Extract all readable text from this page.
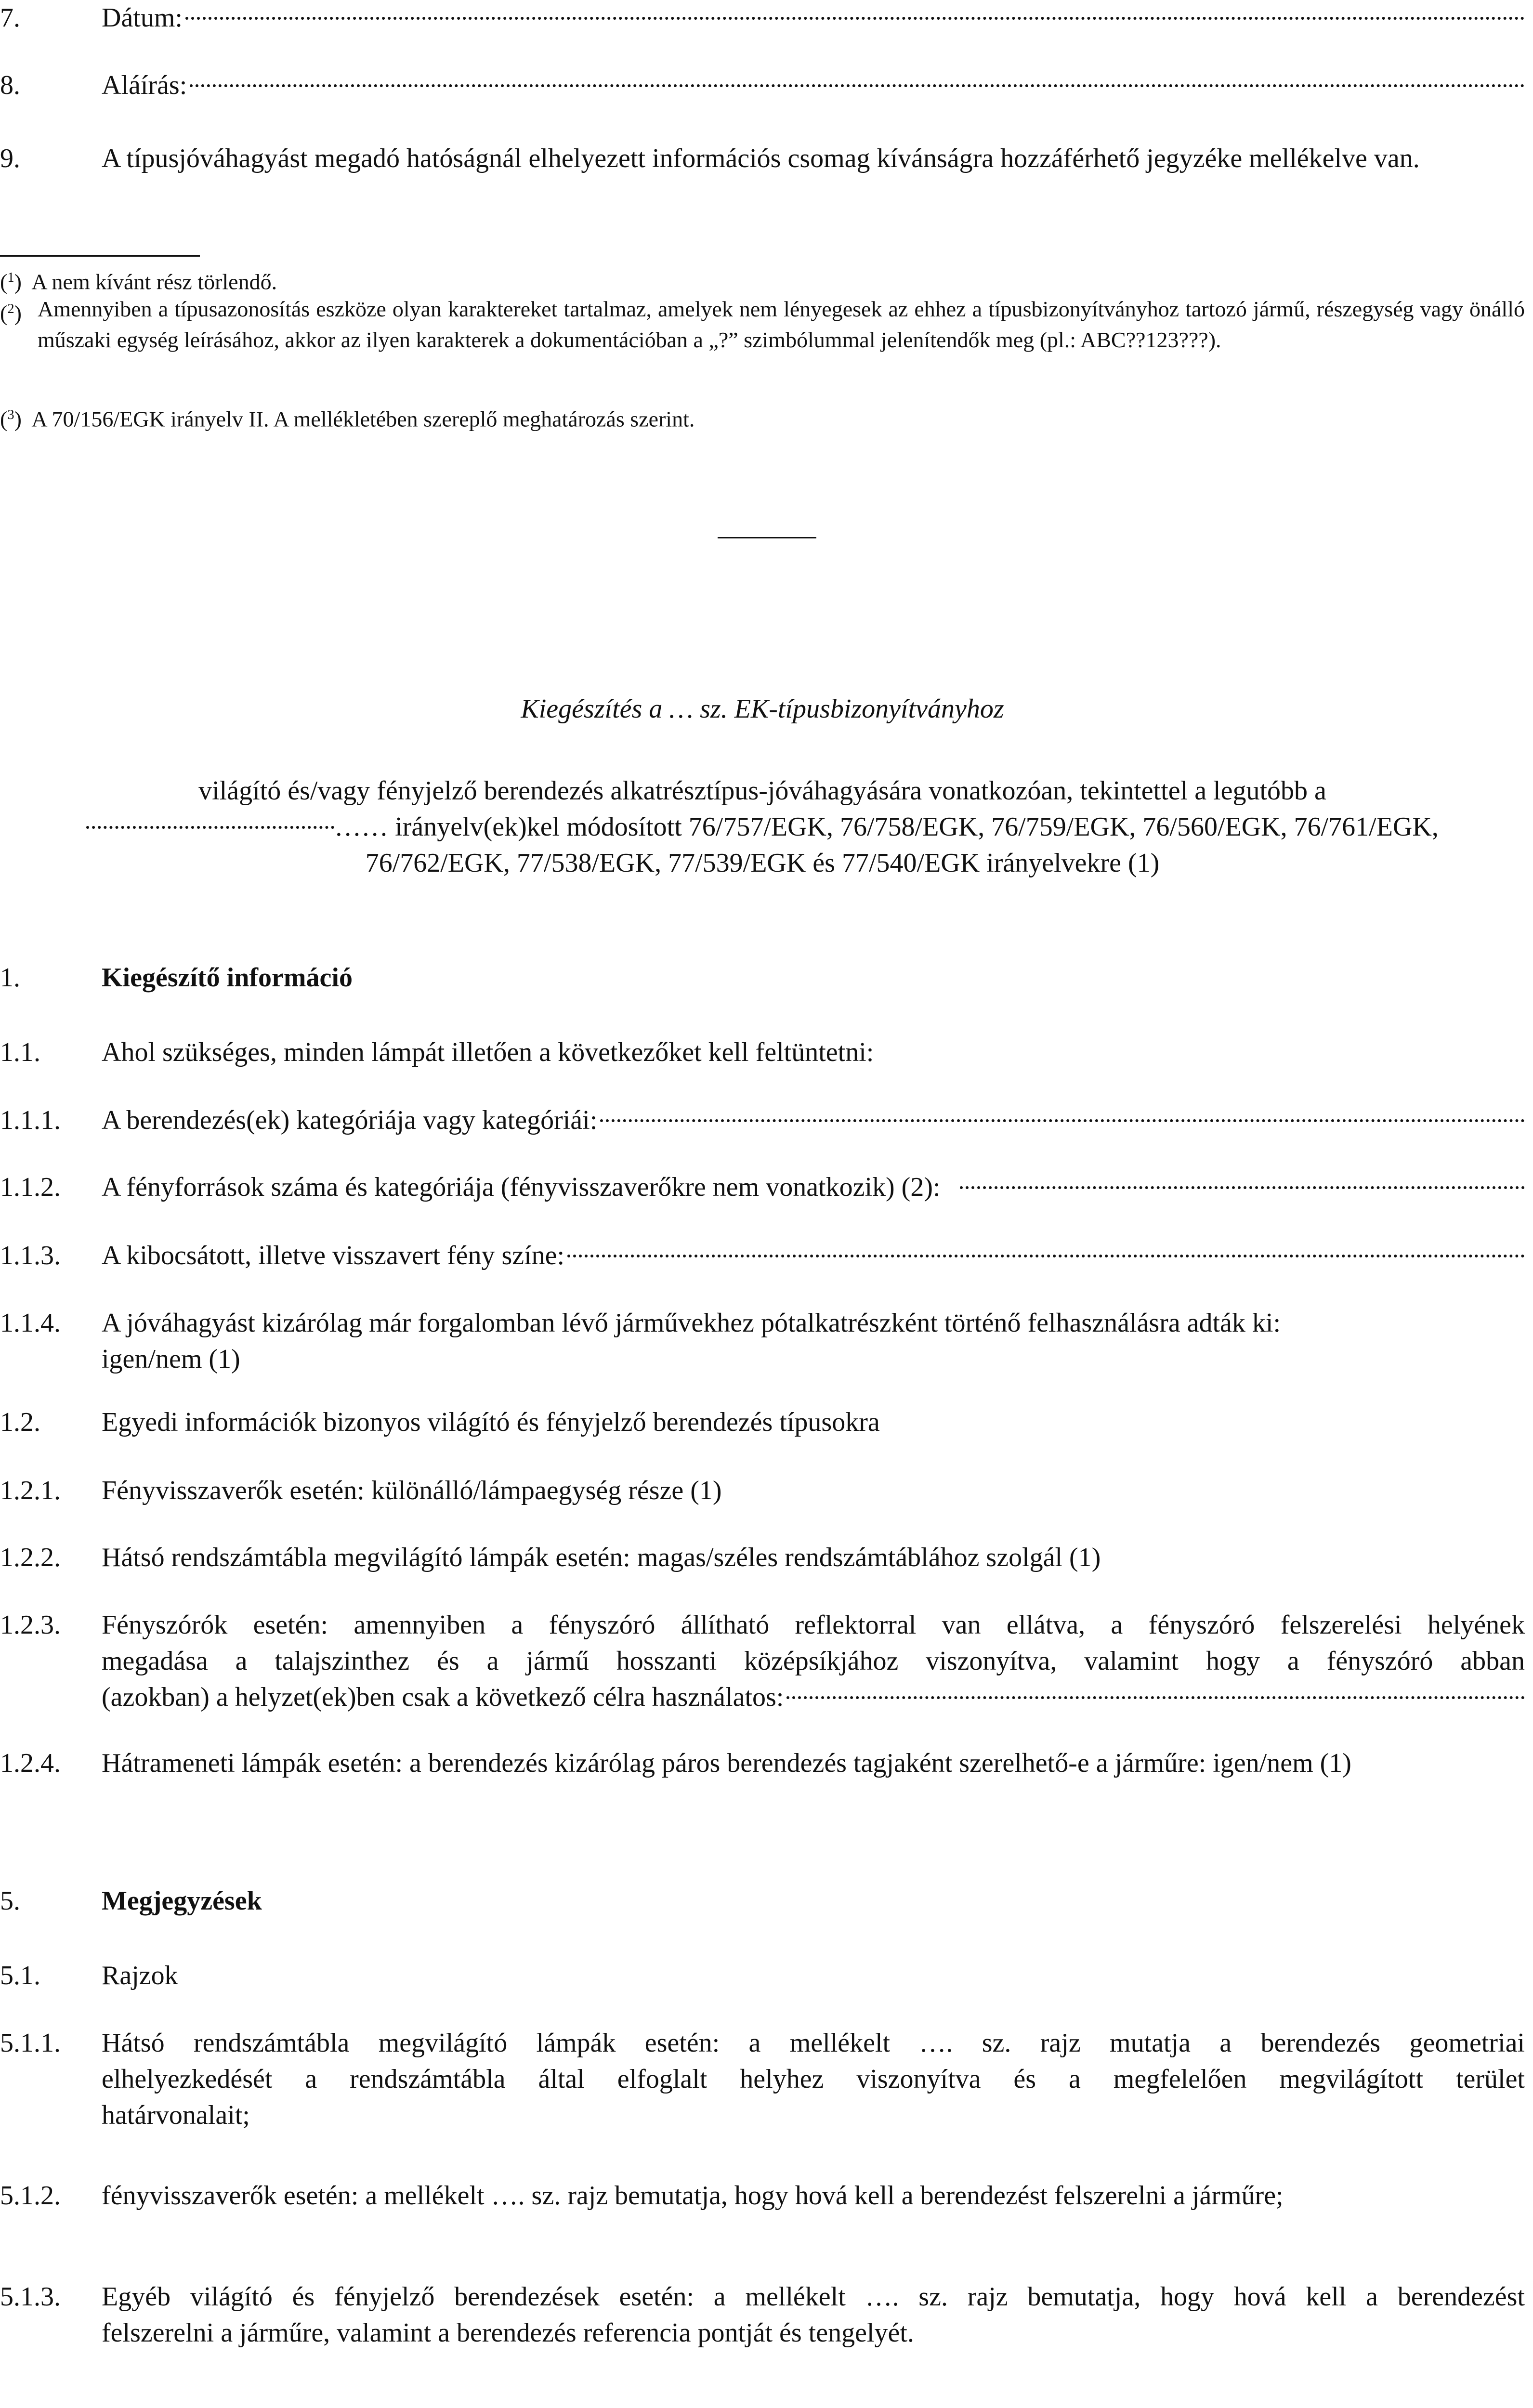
7.	Dátum:
8.	Aláírás:
9.	A típusjóváhagyást megadó hatóságnál elhelyezett információs csomag kívánságra hozzáférhető jegyzéke mellékelve van.
($^1$)  A nem kívánt rész törlendő.
($^2$) Amennyiben a típusazonosítás eszköze olyan karaktereket tartalmaz, amelyek nem lényegesek az ehhez a típusbizonyítványhoz tartozó jármű, részegység vagy önálló műszaki egység leírásához, akkor az ilyen karakterek a dokumentációban a „?” szimbólummal jelenítendők meg (pl.: ABC??123???).
($^3$)  A 70/156/EGK irányelv II. A mellékletében szereplő meghatározás szerint.
Kiegészítés a … sz. EK-típusbizonyítványhoz
világító és/vagy fényjelző berendezés alkatrésztípus-jóváhagyására vonatkozóan, tekintettel a legutóbb a
…… irányelv(ek)kel módosított 76/757/EGK, 76/758/EGK, 76/759/EGK, 76/560/EGK, 76/761/EGK,
76/762/EGK, 77/538/EGK, 77/539/EGK és 77/540/EGK irányelvekre (1)
1.	Kiegészítő információ
1.1. Ahol szükséges, minden lámpát illetően a következőket kell feltüntetni:
1.1.1. A berendezés(ek) kategóriája vagy kategóriái:
1.1.2. A fényforrások száma és kategóriája (fényvisszaverőkre nem vonatkozik) (2):
1.1.3. A kibocsátott, illetve visszavert fény színe:
1.1.4. A jóváhagyást kizárólag már forgalomban lévő járművekhez pótalkatrészként történő felhasználásra adták ki:
igen/nem (1)
1.2. Egyedi információk bizonyos világító és fényjelző berendezés típusokra
1.2.1. Fényvisszaverők esetén: különálló/lámpaegység része (1)
1.2.2. Hátsó rendszámtábla megvilágító lámpák esetén: magas/széles rendszámtáblához szolgál (1)
1.2.3. Fényszórók esetén: amennyiben a fényszóró állítható reflektorral van ellátva, a fényszóró felszerelési helyének
megadása a talajszinthez és a jármű hosszanti középsíkjához viszonyítva, valamint hogy a fényszóró abban
(azokban) a helyzet(ek)ben csak a következő célra használatos:
1.2.4. Hátrameneti lámpák esetén: a berendezés kizárólag páros berendezés tagjaként szerelhető-e a járműre: igen/nem (1)
5.	Megjegyzések
5.1. Rajzok
5.1.1. Hátsó rendszámtábla megvilágító lámpák esetén: a mellékelt …. sz. rajz mutatja a berendezés geometriai
elhelyezkedését a rendszámtábla által elfoglalt helyhez viszonyítva és a megfelelően megvilágított terület
határvonalait;
5.1.2. fényvisszaverők esetén: a mellékelt …. sz. rajz bemutatja, hogy hová kell a berendezést felszerelni a járműre;
5.1.3. Egyéb világító és fényjelző berendezések esetén: a mellékelt …. sz. rajz bemutatja, hogy hová kell a berendezést
felszerelni a járműre, valamint a berendezés referencia pontját és tengelyét.
